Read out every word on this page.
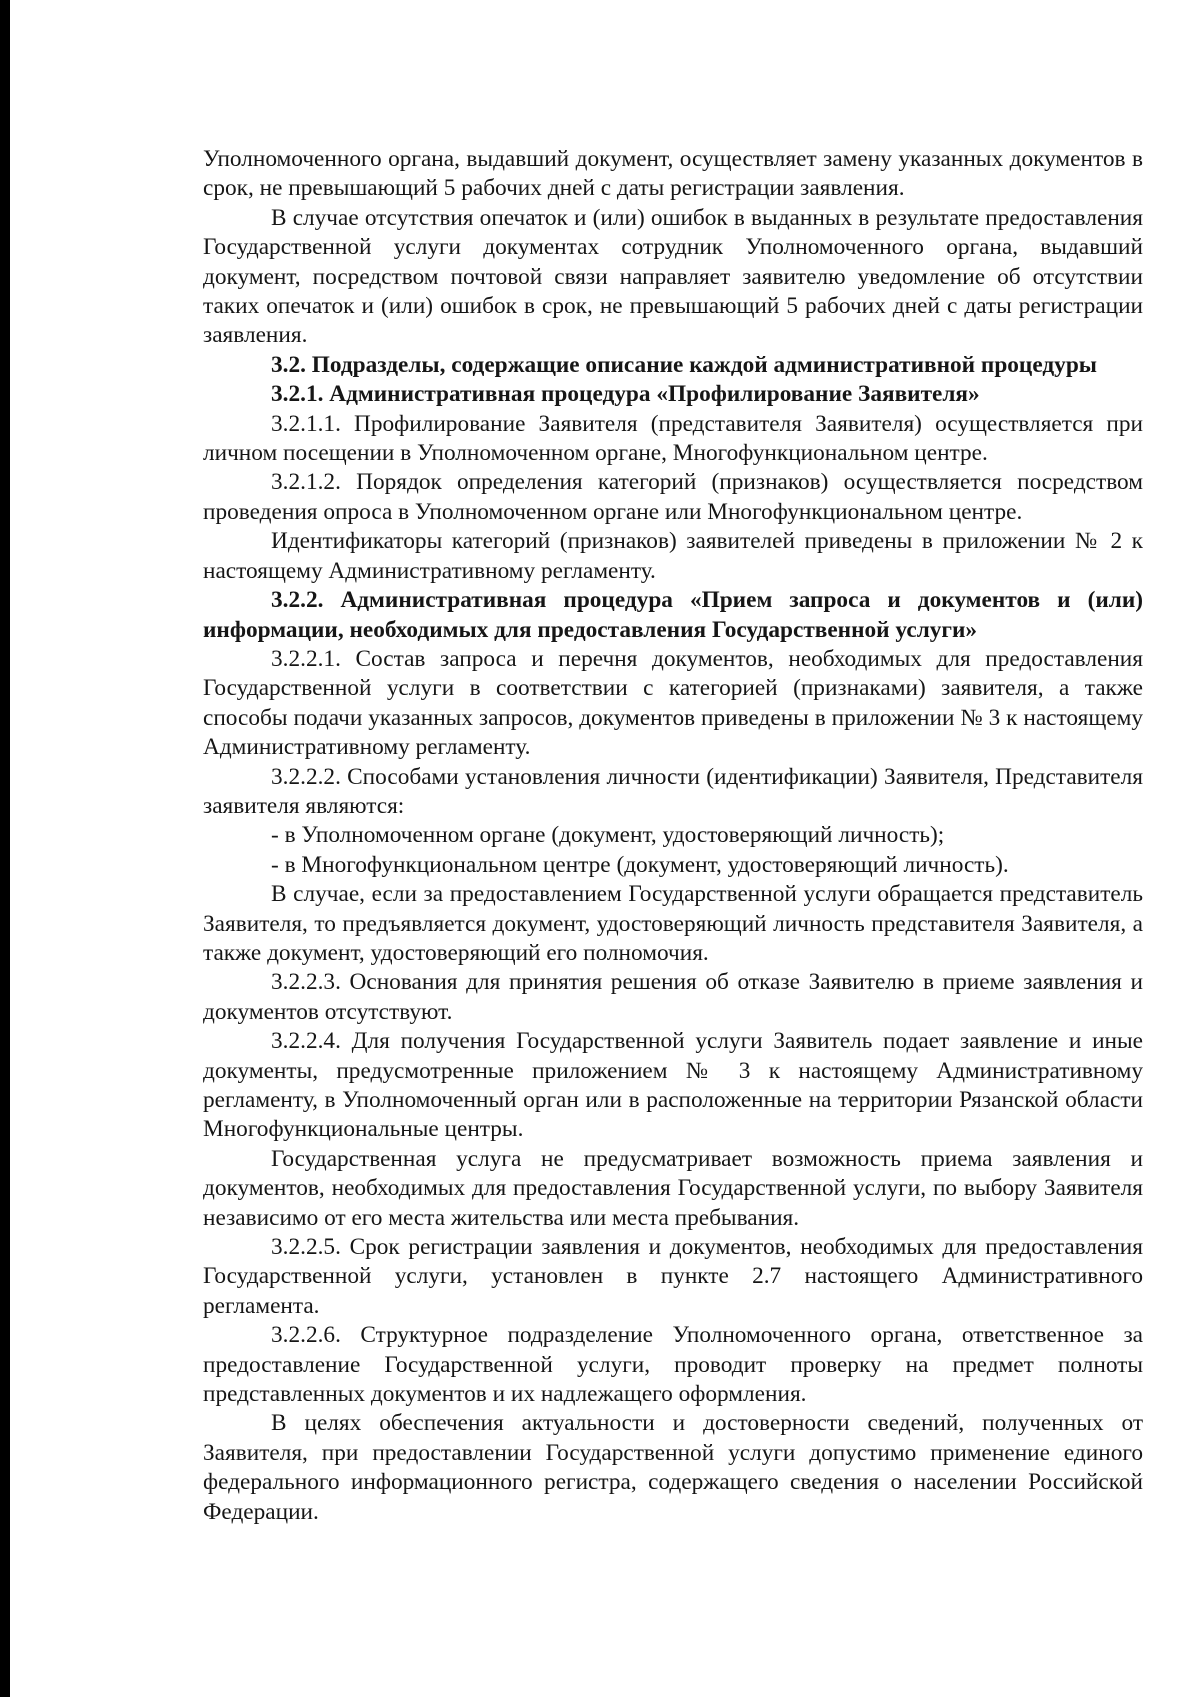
Уполномоченного органа, выдавший документ, осуществляет замену указанных документов в срок, не превышающий 5 рабочих дней с даты регистрации заявления.

В случае отсутствия опечаток и (или) ошибок в выданных в результате предоставления Государственной услуги документах сотрудник Уполномоченного органа, выдавший документ, посредством почтовой связи направляет заявителю уведомление об отсутствии таких опечаток и (или) ошибок в срок, не превышающий 5 рабочих дней с даты регистрации заявления.

3.2. Подразделы, содержащие описание каждой административной процедуры

3.2.1. Административная процедура «Профилирование Заявителя»

3.2.1.1. Профилирование Заявителя (представителя Заявителя) осуществляется при личном посещении в Уполномоченном органе, Многофункциональном центре.

3.2.1.2. Порядок определения категорий (признаков) осуществляется посредством проведения опроса в Уполномоченном органе или Многофункциональном центре.

Идентификаторы категорий (признаков) заявителей приведены в приложении № 2 к настоящему Административному регламенту.

3.2.2. Административная процедура «Прием запроса и документов и (или) информации, необходимых для предоставления Государственной услуги»

3.2.2.1. Состав запроса и перечня документов, необходимых для предоставления Государственной услуги в соответствии с категорией (признаками) заявителя, а также способы подачи указанных запросов, документов приведены в приложении № 3 к настоящему Административному регламенту.

3.2.2.2. Способами установления личности (идентификации) Заявителя, Представителя заявителя являются:

- в Уполномоченном органе (документ, удостоверяющий личность);

- в Многофункциональном центре (документ, удостоверяющий личность).

В случае, если за предоставлением Государственной услуги обращается представитель Заявителя, то предъявляется документ, удостоверяющий личность представителя Заявителя, а также документ, удостоверяющий его полномочия.

3.2.2.3. Основания для принятия решения об отказе Заявителю в приеме заявления и документов отсутствуют.

3.2.2.4. Для получения Государственной услуги Заявитель подает заявление и иные документы, предусмотренные приложением № 3 к настоящему Административному регламенту, в Уполномоченный орган или в расположенные на территории Рязанской области Многофункциональные центры.

Государственная услуга не предусматривает возможность приема заявления и документов, необходимых для предоставления Государственной услуги, по выбору Заявителя независимо от его места жительства или места пребывания.

3.2.2.5. Срок регистрации заявления и документов, необходимых для предоставления Государственной услуги, установлен в пункте 2.7 настоящего Административного регламента.

3.2.2.6. Структурное подразделение Уполномоченного органа, ответственное за предоставление Государственной услуги, проводит проверку на предмет полноты представленных документов и их надлежащего оформления.

В целях обеспечения актуальности и достоверности сведений, полученных от Заявителя, при предоставлении Государственной услуги допустимо применение единого федерального информационного регистра, содержащего сведения о населении Российской Федерации.
